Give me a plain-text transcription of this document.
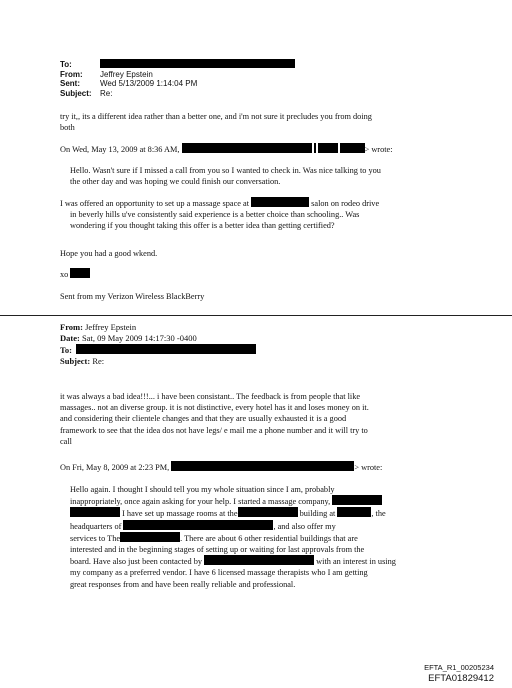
To:
From: Jeffrey Epstein
Sent:	Wed 5/13/2009 1:14:04 PM
Subject: Re:
try it,, its a different idea rather than a better one, and i'm not sure it precludes you from doing
both
On Wed, May 13, 2009 at 8:36 AM,	> wrote:
Hello. Wasn't sure if I missed a call from you so I wanted to check in. Was nice talking to you
the other day and was hoping we could finish our conversation.
I was offered an opportunity to set up a massage space at	salon on rodeo drive
in beverly hills u've consistently said experience is a better choice than schooling.. Was
wondering if you thought taking this offer is a better idea than getting certified?
Hope you had a good wkend.
xo
Sent from my Verizon Wireless BlackBerry
From: Jeffrey Epstein
Date: Sat, 09 May 2009 14:17:30 -0400
To:
Subject: Re:
it was always a bad idea!!!... i have been consistant.. The feedback is from people that like
massages.. not an diverse group. it is not distinctive, every hotel has it and loses money on it.
and considering their clientele changes and that they are usually exhausted it is a good
framework to see that the idea dos not have legs/ e mail me a phone number and it will try to
call
On Fri, May 8, 2009 at 2:23 PM,	> wrote:
Hello again. I thought I should tell you my whole situation since I am, probably
inappropriately, once again asking for your help. I started a massage company,
I have set up massage rooms at the	building at	, the
headquarters of	, and also offer my
services to The	. There are about 6 other residential buildings that are
interested and in the beginning stages of setting up or waiting for last approvals from the
board. Have also just been contacted by	with an interest in using
my company as a preferred vendor. I have 6 licensed massage therapists who I am getting
great responses from and have been really reliable and professional.
EFTA_R1_00205234
EFTA01829412
